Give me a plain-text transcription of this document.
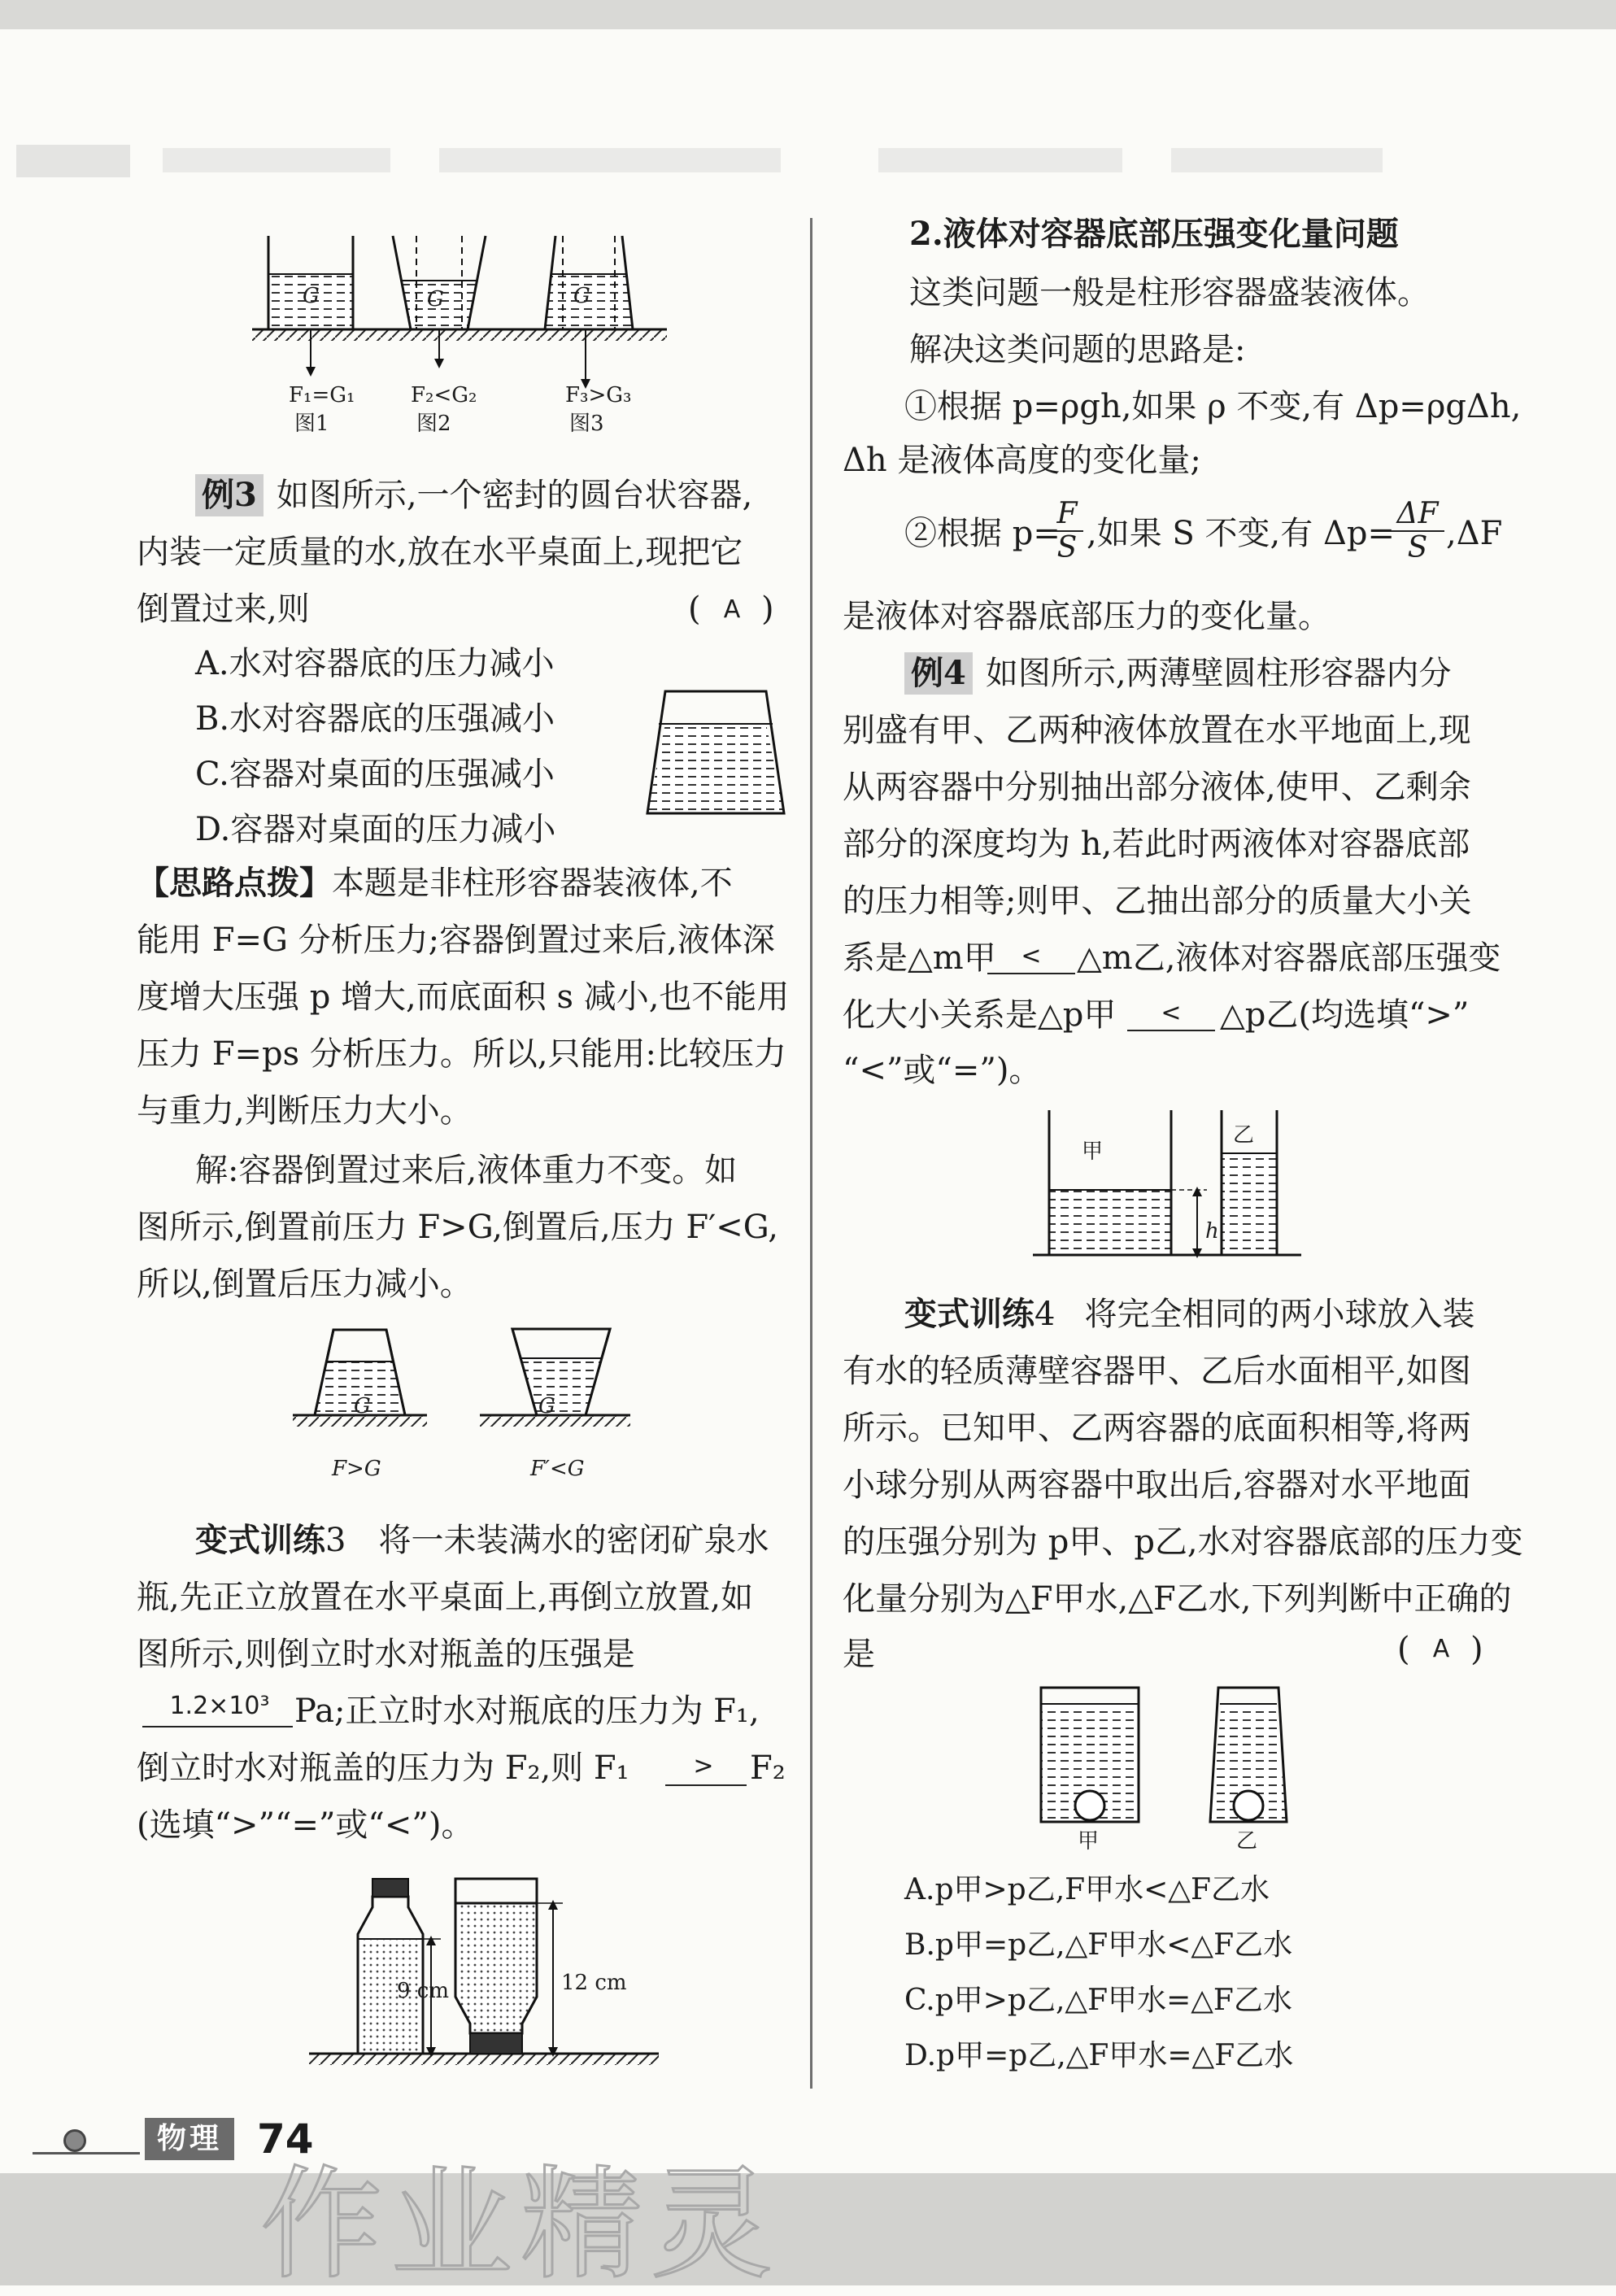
G	G	G
F₁=G₁	F₂<G₂	F₃>G₃
图1	图2	图3
例3 如图所示,一个密封的圆台状容器,
内装一定质量的水,放在水平桌面上,现把它
倒置过来,则	( A )
A.水对容器底的压力减小
B.水对容器底的压强减小
C.容器对桌面的压强减小
D.容器对桌面的压力减小
【思路点拨】本题是非柱形容器装液体,不
能用 F=G 分析压力;容器倒置过来后,液体深
度增大压强 p 增大,而底面积 s 减小,也不能用
压力 F=ps 分析压力。所以,只能用:比较压力
与重力,判断压力大小。
解:容器倒置过来后,液体重力不变。如
图所示,倒置前压力 F>G,倒置后,压力 F′<G,
所以,倒置后压力减小。
G	G
F>G	F′<G
变式训练3 将一未装满水的密闭矿泉水
瓶,先正立放置在水平桌面上,再倒立放置,如
图所示,则倒立时水对瓶盖的压强是
1.2×10³ Pa;正立时水对瓶底的压力为 F₁,
倒立时水对瓶盖的压力为 F₂,则 F₁	>	F₂
(选填“>”“=”或“<”)。
9 cm	12 cm
2.液体对容器底部压强变化量问题
这类问题一般是柱形容器盛装液体。
解决这类问题的思路是:
①根据 p=ρgh,如果 ρ 不变,有 Δp=ρgΔh,
Δh 是液体高度的变化量;
②根据 p=
F
S ,如果 S 不变,有 Δp=
ΔF
S ,ΔF
是液体对容器底部压力的变化量。
例4 如图所示,两薄壁圆柱形容器内分
别盛有甲、乙两种液体放置在水平地面上,现
从两容器中分别抽出部分液体,使甲、乙剩余
部分的深度均为 h,若此时两液体对容器底部
的压力相等;则甲、乙抽出部分的质量大小关
系是△m甲	<	△m乙,液体对容器底部压强变
化大小关系是△p甲	<	△p乙(均选填“>”
“<”或“=”)。
甲
乙
h
变式训练4 将完全相同的两小球放入装
有水的轻质薄壁容器甲、乙后水面相平,如图
所示。已知甲、乙两容器的底面积相等,将两
小球分别从两容器中取出后,容器对水平地面
的压强分别为 p甲、p乙,水对容器底部的压力变
化量分别为△F甲水,△F乙水,下列判断中正确的
是	( A )
甲	乙
A.p甲>p乙,F甲水<△F乙水
B.p甲=p乙,△F甲水<△F乙水
C.p甲>p乙,△F甲水=△F乙水
D.p甲=p乙,△F甲水=△F乙水
物理 74
作业精灵
